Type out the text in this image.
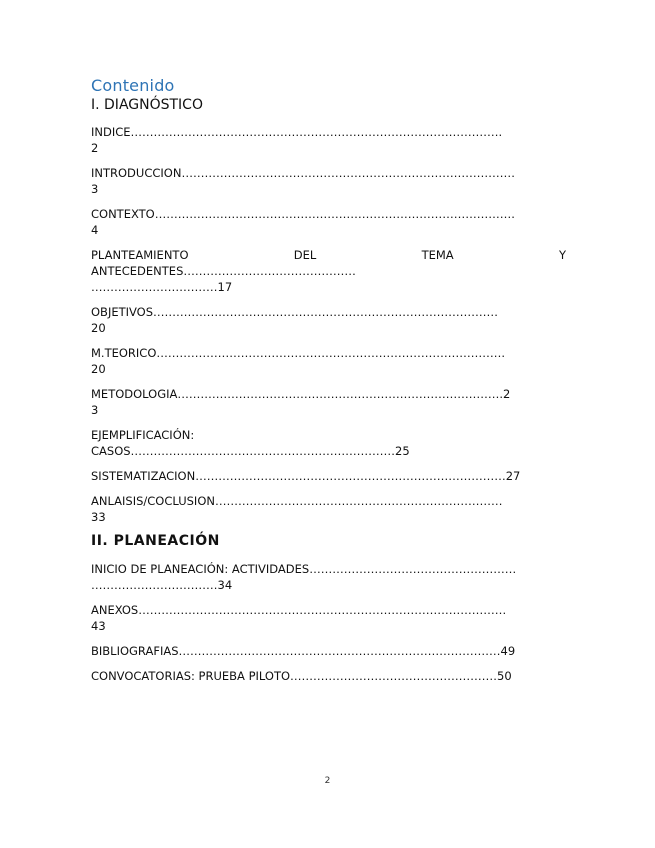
Contenido
I. DIAGNÓSTICO
INDICE…………………………………………………………………………………….
2
INTRODUCCION……………………………………………………………………………
3
CONTEXTO………………………………………………………………………………….
4
PLANTEAMIENTO	DEL	TEMA	Y
ANTECEDENTES………………………………………
……………………………17
OBJETIVOS………………………………………………………………………………
20
M.TEORICO……………………………………………………………………………….
20
METODOLOGIA………………………………………………………………………….2
3
EJEMPLIFICACIÓN:
CASOS……………………………………………………………25
SISTEMATIZACION………………………………………………………………………27
ANLAISIS/COCLUSION…………………………………………………………………
33
II. PLANEACIÓN
INICIO DE PLANEACIÓN: ACTIVIDADES………………………………………………
……………………………34
ANEXOS……………………………………………………………………………………
43
BIBLIOGRAFIAS…………………………………………………………………………49
CONVOCATORIAS: PRUEBA PILOTO………………………………………………50
2
